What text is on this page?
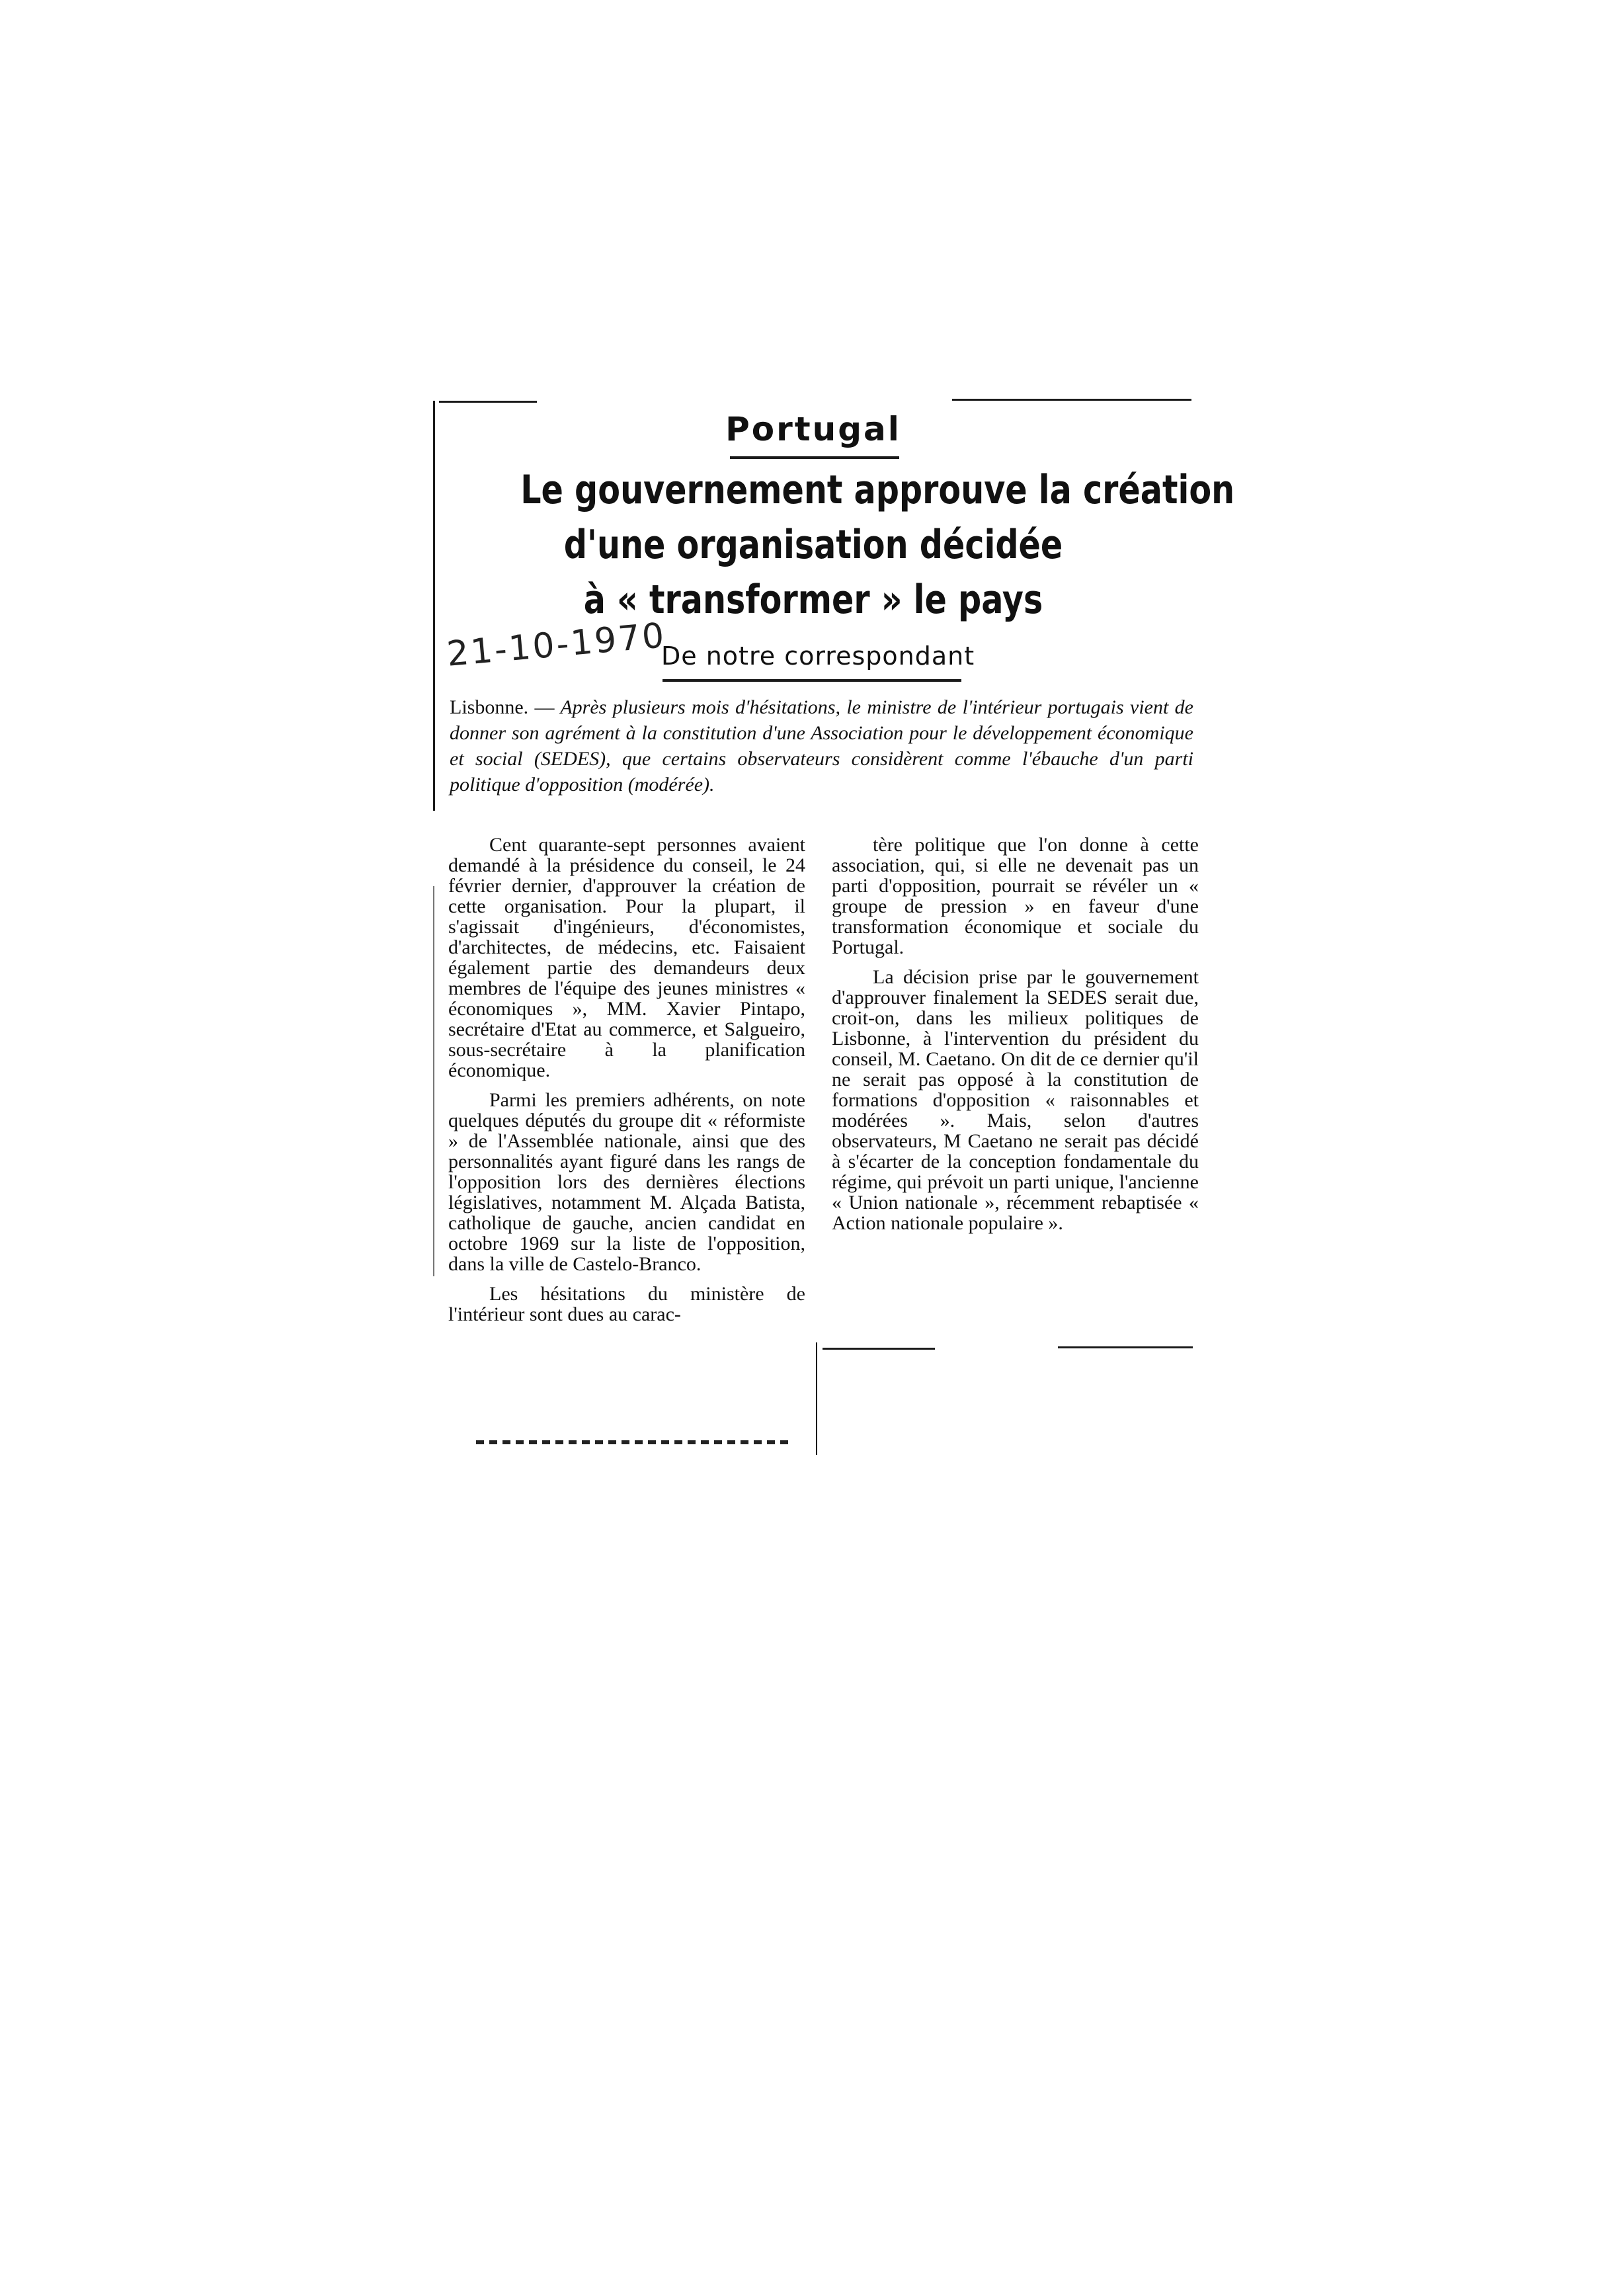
Portugal
Le gouvernement approuve la création
d'une organisation décidée
à « transformer » le pays
21-10-1970
De notre correspondant
Lisbonne. — Après plusieurs mois d'hésitations, le ministre de l'intérieur portugais vient de donner son agrément à la constitution d'une Association pour le développement économique et social (SEDES), que certains observateurs considèrent comme l'ébauche d'un parti politique d'opposition (modérée).

Cent quarante-sept personnes avaient demandé à la présidence du conseil, le 24 février dernier, d'approuver la création de cette organisation. Pour la plupart, il s'agissait d'ingénieurs, d'économistes, d'architectes, de médecins, etc. Faisaient également partie des demandeurs deux membres de l'équipe des jeunes ministres « économiques », MM. Xavier Pintapo, secrétaire d'Etat au commerce, et Salgueiro, sous-secrétaire à la planification économique.

Parmi les premiers adhérents, on note quelques députés du groupe dit « réformiste » de l'Assemblée nationale, ainsi que des personnalités ayant figuré dans les rangs de l'opposition lors des dernières élections législatives, notamment M. Alçada Batista, catholique de gauche, ancien candidat en octobre 1969 sur la liste de l'opposition, dans la ville de Castelo-Branco.

Les hésitations du ministère de l'intérieur sont dues au carac-

tère politique que l'on donne à cette association, qui, si elle ne devenait pas un parti d'opposition, pourrait se révéler un « groupe de pression » en faveur d'une transformation économique et sociale du Portugal.

La décision prise par le gouvernement d'approuver finalement la SEDES serait due, croit-on, dans les milieux politiques de Lisbonne, à l'intervention du président du conseil, M. Caetano. On dit de ce dernier qu'il ne serait pas opposé à la constitution de formations d'opposition « raisonnables et modérées ». Mais, selon d'autres observateurs, M Caetano ne serait pas décidé à s'écarter de la conception fondamentale du régime, qui prévoit un parti unique, l'ancienne « Union nationale », récemment rebaptisée « Action nationale populaire ».
